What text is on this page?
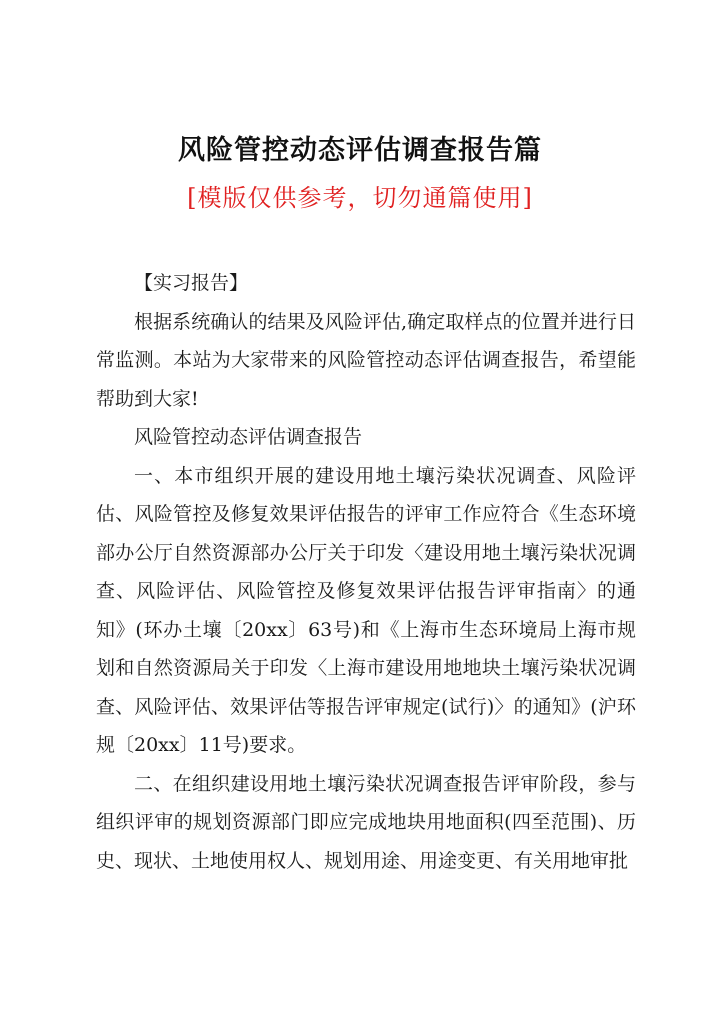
风险管控动态评估调查报告篇
[模版仅供参考，切勿通篇使用]

【实习报告】

根据系统确认的结果及风险评估,确定取样点的位置并进行日常监测。本站为大家带来的风险管控动态评估调查报告，希望能帮助到大家!

风险管控动态评估调查报告

一、本市组织开展的建设用地土壤污染状况调查、风险评估、风险管控及修复效果评估报告的评审工作应符合《生态环境部办公厅自然资源部办公厅关于印发〈建设用地土壤污染状况调查、风险评估、风险管控及修复效果评估报告评审指南〉的通知》(环办土壤〔20xx〕63号)和《上海市生态环境局上海市规划和自然资源局关于印发〈上海市建设用地地块土壤污染状况调查、风险评估、效果评估等报告评审规定(试行)〉的通知》(沪环规〔20xx〕11号)要求。

二、在组织建设用地土壤污染状况调查报告评审阶段，参与组织评审的规划资源部门即应完成地块用地面积(四至范围)、历史、现状、土地使用权人、规划用途、用途变更、有关用地审批
